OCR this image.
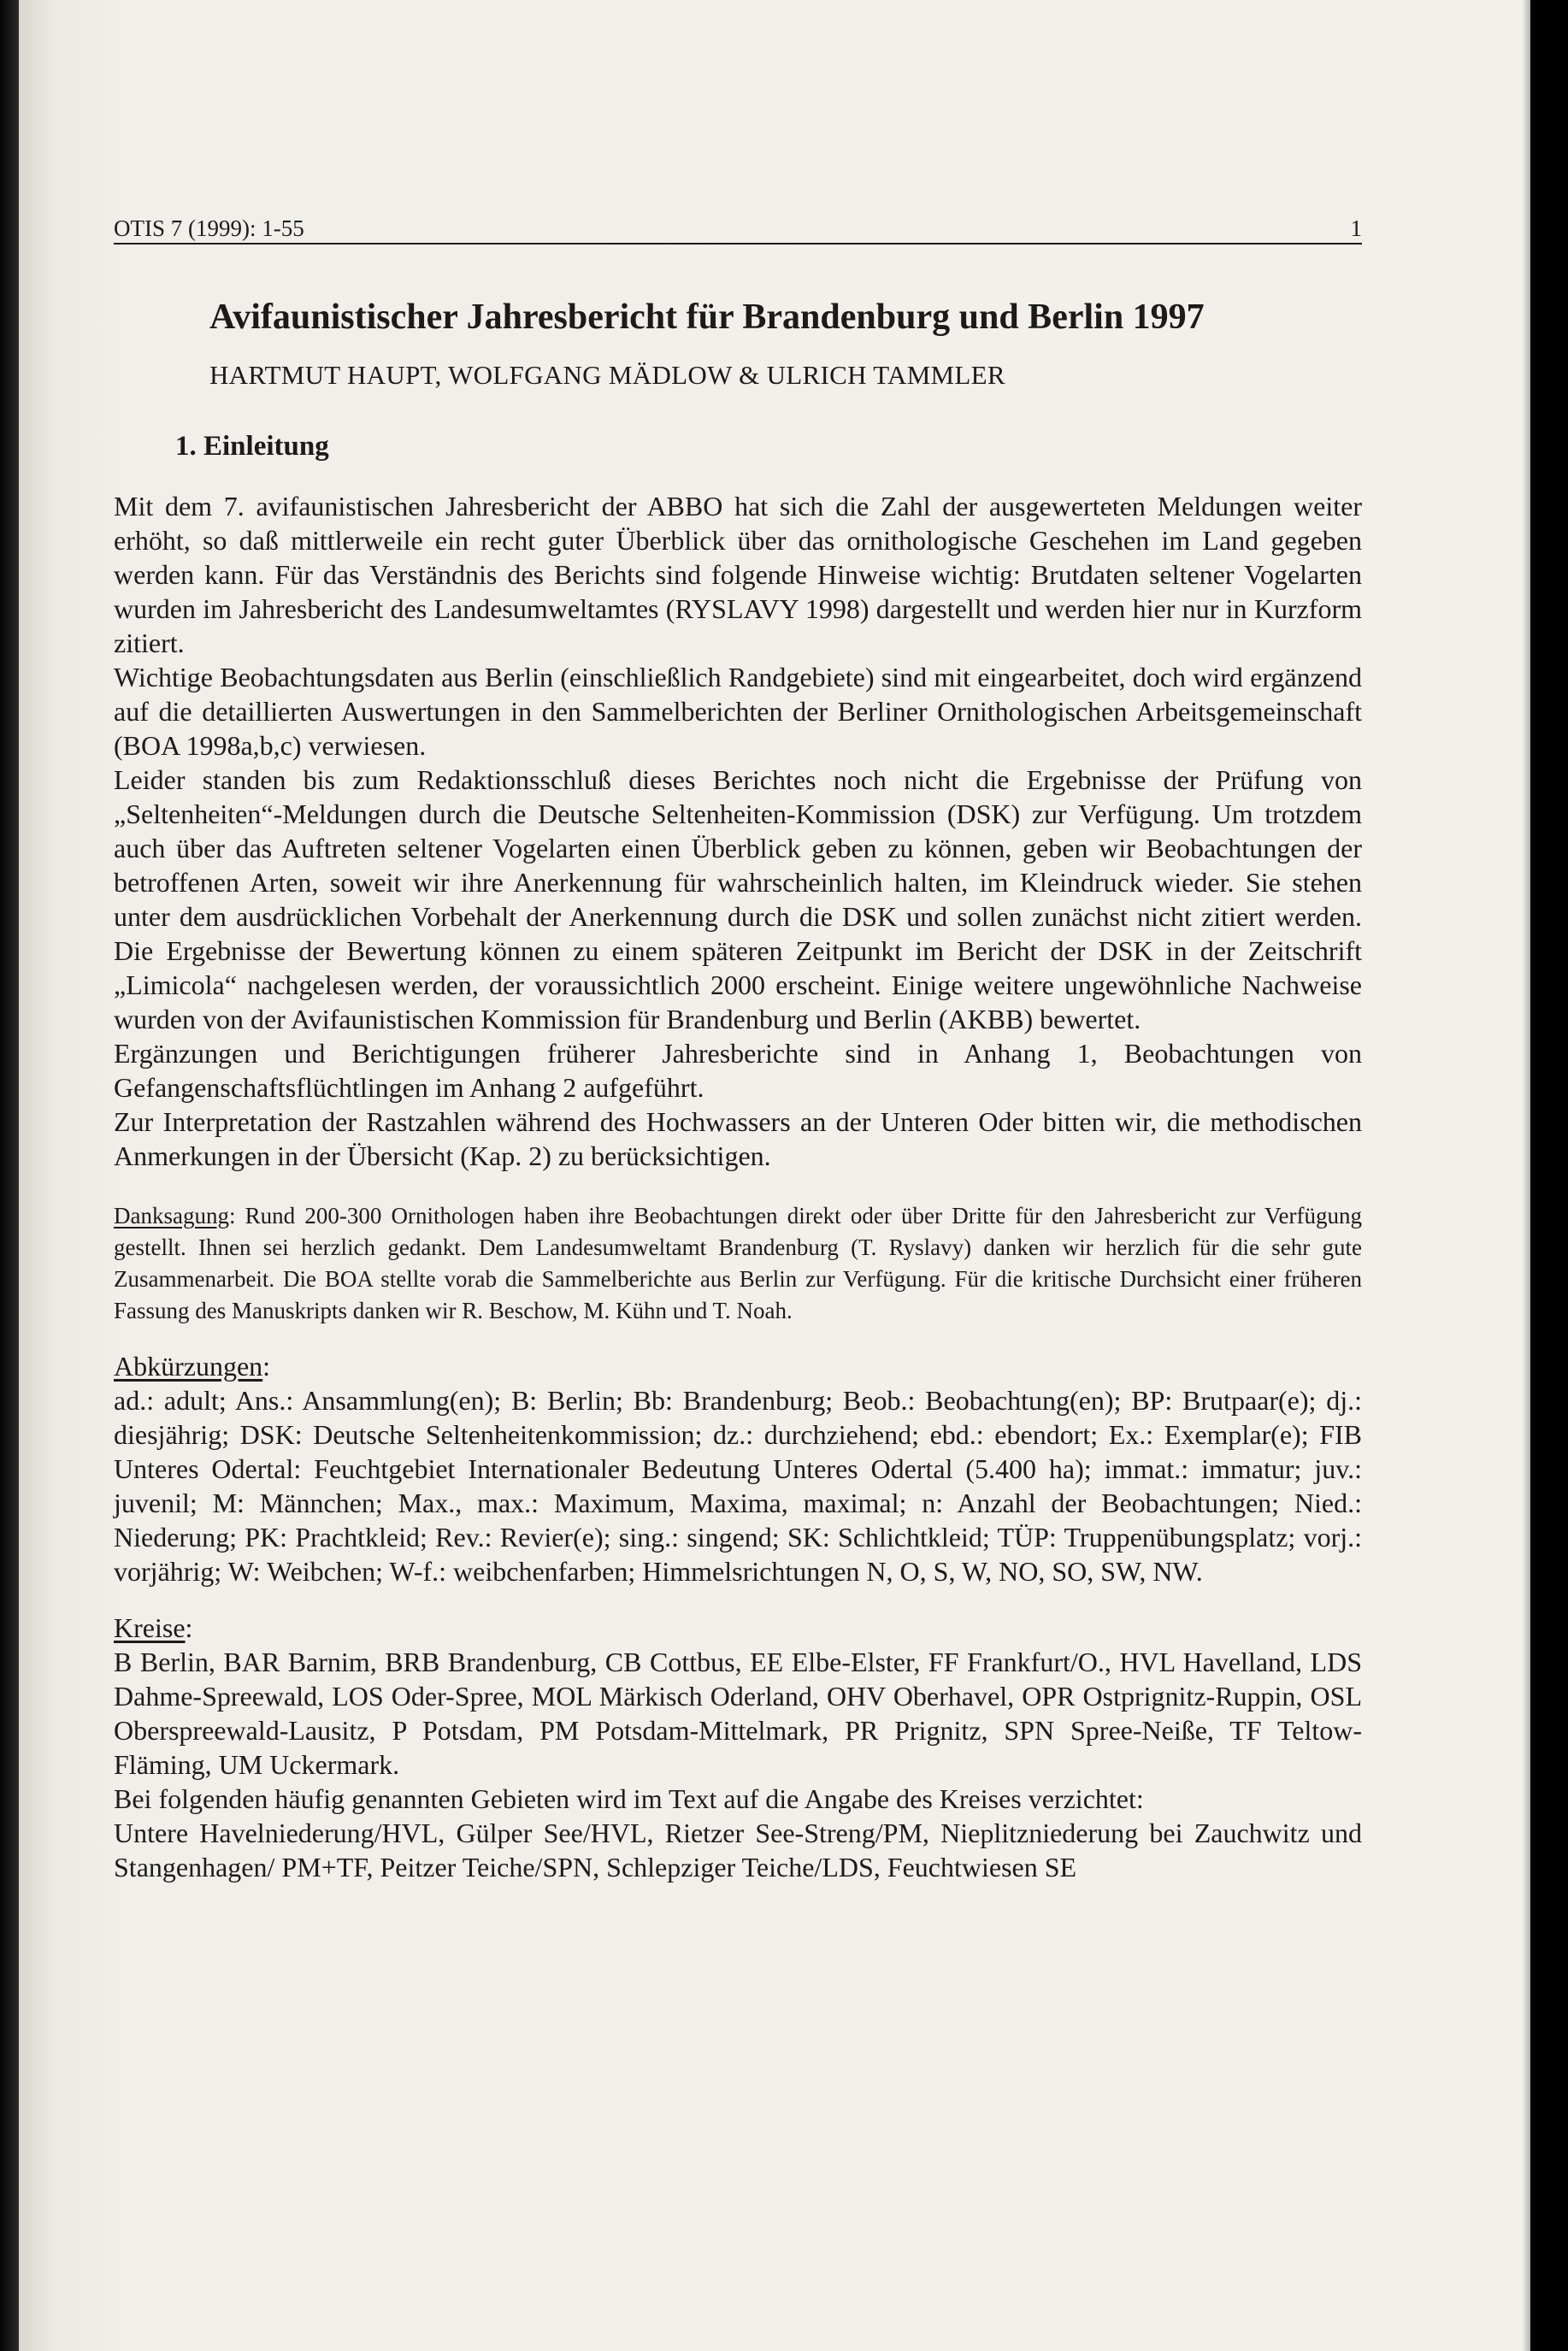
OTIS 7 (1999): 1-55	1
Avifaunistischer Jahresbericht für Brandenburg und Berlin 1997
HARTMUT HAUPT, WOLFGANG MÄDLOW & ULRICH TAMMLER
1. Einleitung

Mit dem 7. avifaunistischen Jahresbericht der ABBO hat sich die Zahl der ausgewerteten Meldungen weiter erhöht, so daß mittlerweile ein recht guter Überblick über das ornithologische Geschehen im Land gegeben werden kann. Für das Verständnis des Berichts sind folgende Hinweise wichtig: Brutdaten seltener Vogelarten wurden im Jahresbericht des Landesumweltamtes (RYSLAVY 1998) dargestellt und werden hier nur in Kurzform zitiert.

Wichtige Beobachtungsdaten aus Berlin (einschließlich Randgebiete) sind mit eingearbeitet, doch wird ergänzend auf die detaillierten Auswertungen in den Sammelberichten der Berliner Ornithologischen Arbeitsgemeinschaft (BOA 1998a,b,c) verwiesen.

Leider standen bis zum Redaktionsschluß dieses Berichtes noch nicht die Ergebnisse der Prüfung von „Seltenheiten“-Meldungen durch die Deutsche Seltenheiten-Kommission (DSK) zur Verfügung. Um trotzdem auch über das Auftreten seltener Vogelarten einen Überblick geben zu können, geben wir Beobachtungen der betroffenen Arten, soweit wir ihre Anerkennung für wahrscheinlich halten, im Kleindruck wieder. Sie stehen unter dem ausdrücklichen Vorbehalt der Anerkennung durch die DSK und sollen zunächst nicht zitiert werden. Die Ergebnisse der Bewertung können zu einem späteren Zeitpunkt im Bericht der DSK in der Zeitschrift „Limicola“ nachgelesen werden, der voraussichtlich 2000 erscheint. Einige weitere ungewöhnliche Nachweise wurden von der Avifaunistischen Kommission für Brandenburg und Berlin (AKBB) bewertet.

Ergänzungen und Berichtigungen früherer Jahresberichte sind in Anhang 1, Beobachtungen von Gefangenschaftsflüchtlingen im Anhang 2 aufgeführt.

Zur Interpretation der Rastzahlen während des Hochwassers an der Unteren Oder bitten wir, die methodischen Anmerkungen in der Übersicht (Kap. 2) zu berücksichtigen.

Danksagung: Rund 200-300 Ornithologen haben ihre Beobachtungen direkt oder über Dritte für den Jahresbericht zur Verfügung gestellt. Ihnen sei herzlich gedankt. Dem Landesumweltamt Brandenburg (T. Ryslavy) danken wir herzlich für die sehr gute Zusammenarbeit. Die BOA stellte vorab die Sammelberichte aus Berlin zur Verfügung. Für die kritische Durchsicht einer früheren Fassung des Manuskripts danken wir R. Beschow, M. Kühn und T. Noah.
Abkürzungen:
ad.: adult; Ans.: Ansammlung(en); B: Berlin; Bb: Brandenburg; Beob.: Beobachtung(en); BP: Brutpaar(e); dj.: diesjährig; DSK: Deutsche Seltenheitenkommission; dz.: durchziehend; ebd.: ebendort; Ex.: Exemplar(e); FIB Unteres Odertal: Feuchtgebiet Internationaler Bedeutung Unteres Odertal (5.400 ha); immat.: immatur; juv.: juvenil; M: Männchen; Max., max.: Maximum, Maxima, maximal; n: Anzahl der Beobachtungen; Nied.: Niederung; PK: Prachtkleid; Rev.: Revier(e); sing.: singend; SK: Schlichtkleid; TÜP: Truppenübungsplatz; vorj.: vorjährig; W: Weibchen; W-f.: weibchenfarben; Himmelsrichtungen N, O, S, W, NO, SO, SW, NW.
Kreise:
B Berlin, BAR Barnim, BRB Brandenburg, CB Cottbus, EE Elbe-Elster, FF Frankfurt/O., HVL Havelland, LDS Dahme-Spreewald, LOS Oder-Spree, MOL Märkisch Oderland, OHV Oberhavel, OPR Ostprignitz-Ruppin, OSL Oberspreewald-Lausitz, P Potsdam, PM Potsdam-Mittelmark, PR Prignitz, SPN Spree-Neiße, TF Teltow-Fläming, UM Uckermark.
Bei folgenden häufig genannten Gebieten wird im Text auf die Angabe des Kreises verzichtet:
Untere Havelniederung/HVL, Gülper See/HVL, Rietzer See-Streng/PM, Nieplitzniederung bei Zauchwitz und Stangenhagen/ PM+TF, Peitzer Teiche/SPN, Schlepziger Teiche/LDS, Feuchtwiesen SE
